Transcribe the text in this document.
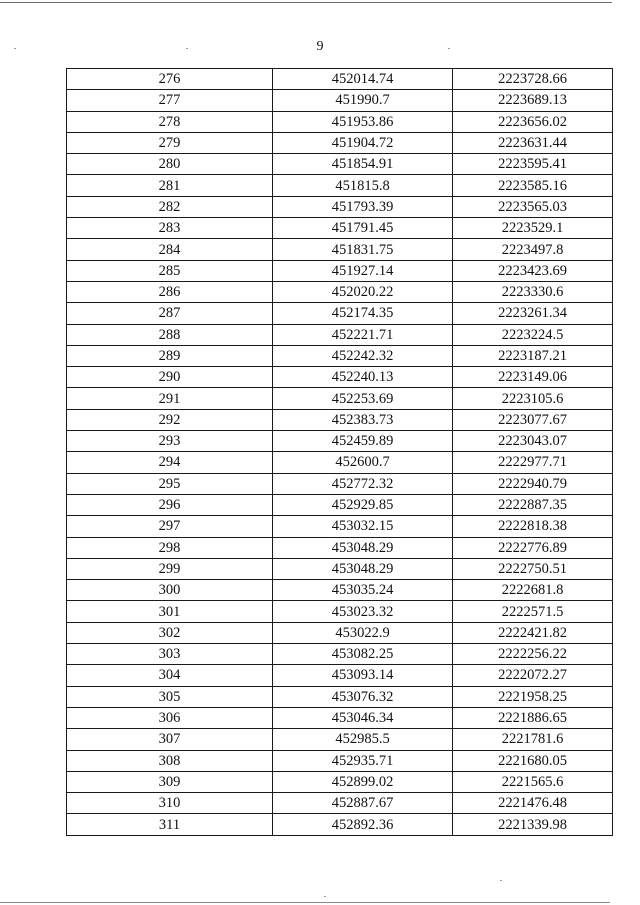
9
276	452014.74	2223728.66
277	451990.7	2223689.13
278	451953.86	2223656.02
279	451904.72	2223631.44
280	451854.91	2223595.41
281	451815.8	2223585.16
282	451793.39	2223565.03
283	451791.45	2223529.1
284	451831.75	2223497.8
285	451927.14	2223423.69
286	452020.22	2223330.6
287	452174.35	2223261.34
288	452221.71	2223224.5
289	452242.32	2223187.21
290	452240.13	2223149.06
291	452253.69	2223105.6
292	452383.73	2223077.67
293	452459.89	2223043.07
294	452600.7	2222977.71
295	452772.32	2222940.79
296	452929.85	2222887.35
297	453032.15	2222818.38
298	453048.29	2222776.89
299	453048.29	2222750.51
300	453035.24	2222681.8
301	453023.32	2222571.5
302	453022.9	2222421.82
303	453082.25	2222256.22
304	453093.14	2222072.27
305	453076.32	2221958.25
306	453046.34	2221886.65
307	452985.5	2221781.6
308	452935.71	2221680.05
309	452899.02	2221565.6
310	452887.67	2221476.48
311	452892.36	2221339.98
